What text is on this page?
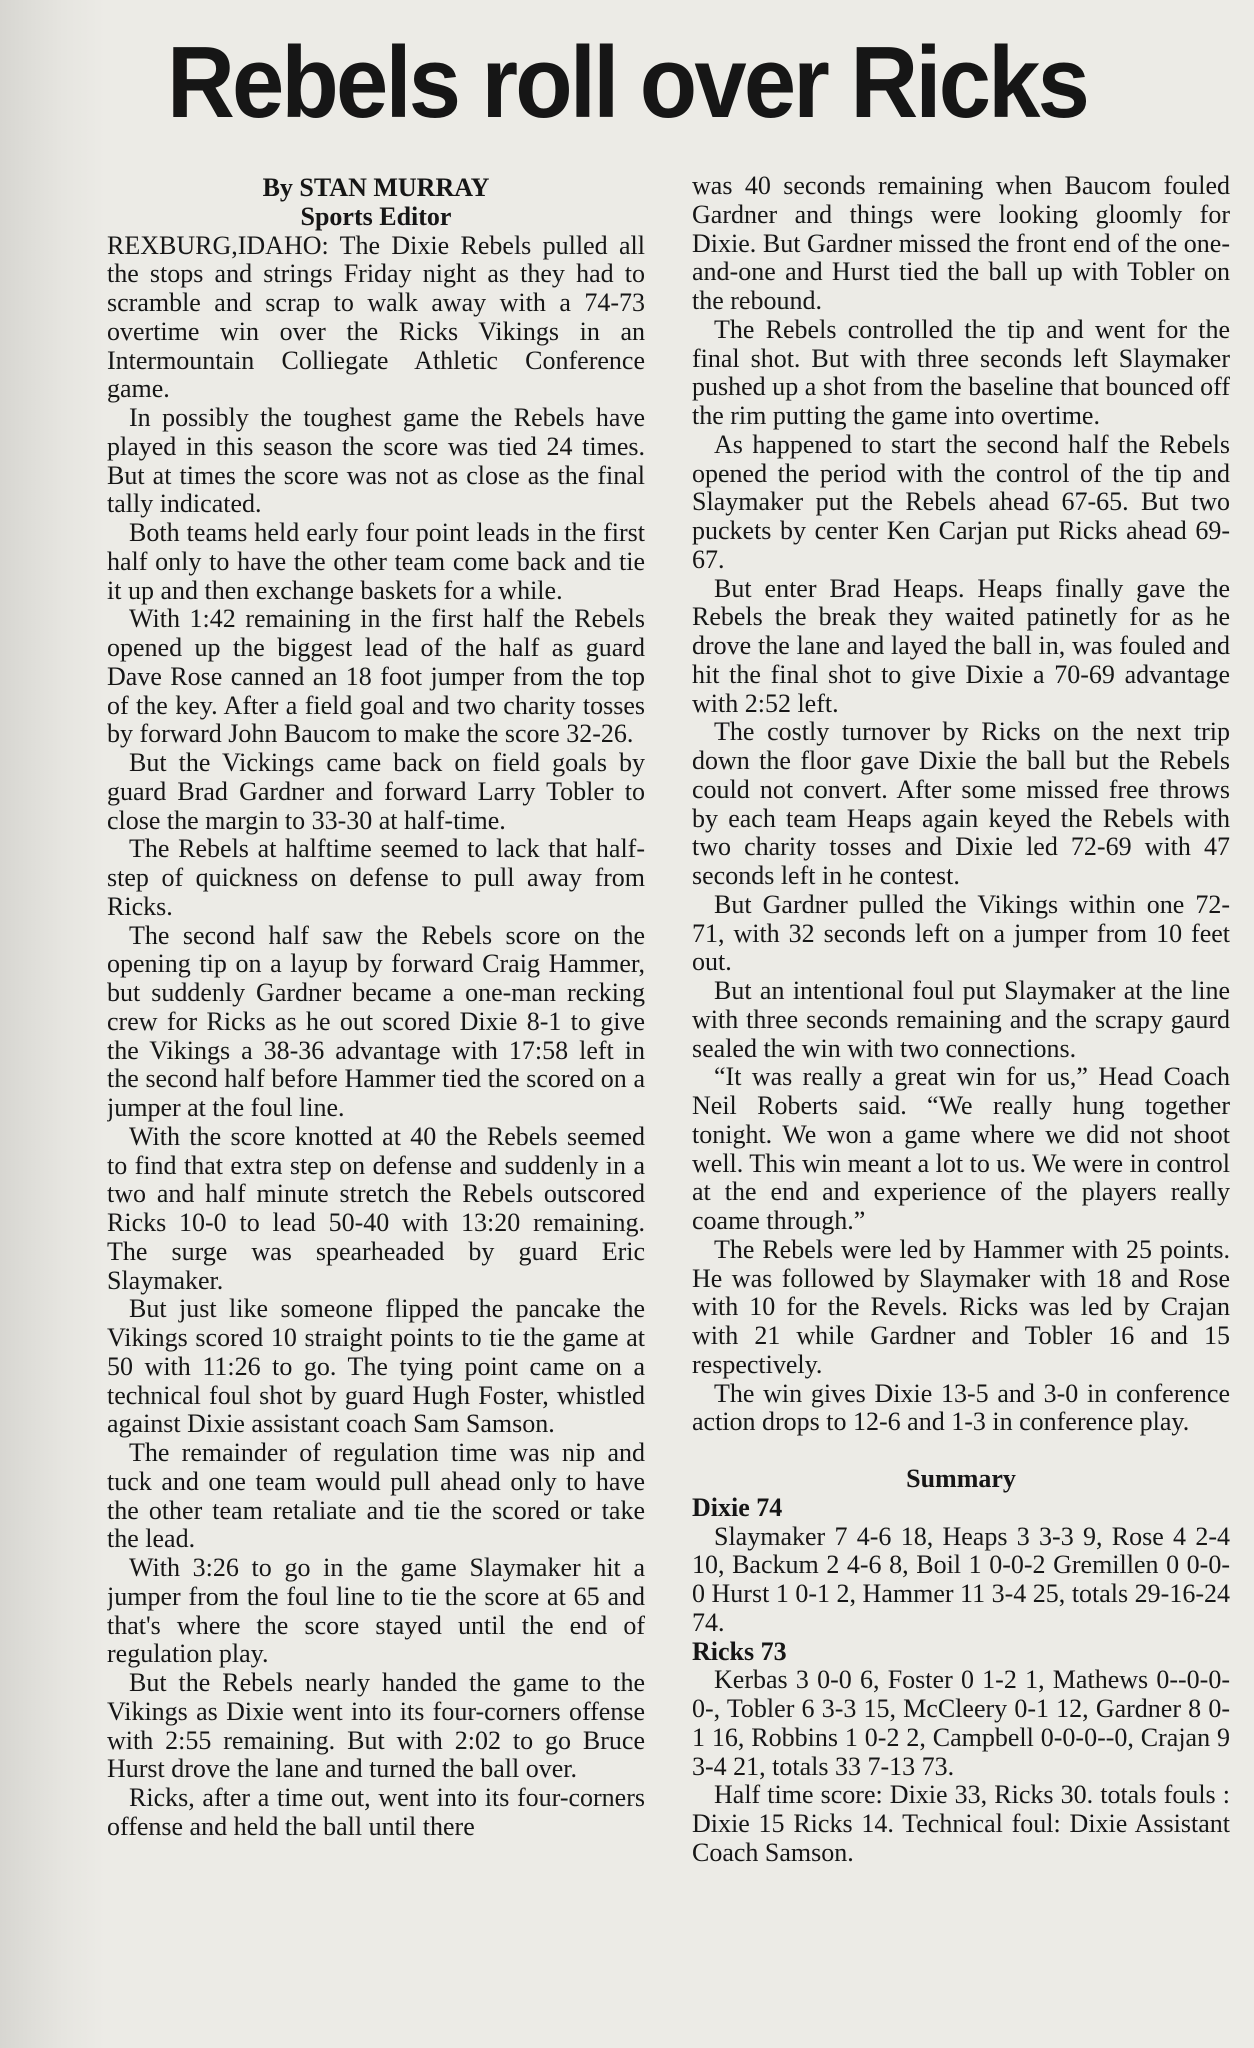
Rebels roll over Ricks

By STAN MURRAY

Sports Editor

REXBURG,IDAHO: The Dixie Rebels pulled all the stops and strings Friday night as they had to scramble and scrap to walk away with a 74-73 overtime win over the Ricks Vikings in an Intermountain Colliegate Athletic Conference game.

In possibly the toughest game the Rebels have played in this season the score was tied 24 times. But at times the score was not as close as the final tally indicated.

Both teams held early four point leads in the first half only to have the other team come back and tie it up and then exchange baskets for a while.

With 1:42 remaining in the first half the Rebels opened up the biggest lead of the half as guard Dave Rose canned an 18 foot jumper from the top of the key. After a field goal and two charity tosses by forward John Baucom to make the score 32-26.

But the Vickings came back on field goals by guard Brad Gardner and forward Larry Tobler to close the margin to 33-30 at half-time.

The Rebels at halftime seemed to lack that half-step of quickness on defense to pull away from Ricks.

The second half saw the Rebels score on the opening tip on a layup by forward Craig Hammer, but suddenly Gardner became a one-man recking crew for Ricks as he out scored Dixie 8-1 to give the Vikings a 38-36 advantage with 17:58 left in the second half before Hammer tied the scored on a jumper at the foul line.

With the score knotted at 40 the Rebels seemed to find that extra step on defense and suddenly in a two and half minute stretch the Rebels outscored Ricks 10-0 to lead 50-40 with 13:20 remaining. The surge was spearheaded by guard Eric Slaymaker.

But just like someone flipped the pancake the Vikings scored 10 straight points to tie the game at 50 with 11:26 to go. The tying point came on a technical foul shot by guard Hugh Foster, whistled against Dixie assistant coach Sam Samson.

The remainder of regulation time was nip and tuck and one team would pull ahead only to have the other team retaliate and tie the scored or take the lead.

With 3:26 to go in the game Slaymaker hit a jumper from the foul line to tie the score at 65 and that's where the score stayed until the end of regulation play.

But the Rebels nearly handed the game to the Vikings as Dixie went into its four-corners offense with 2:55 remaining. But with 2:02 to go Bruce Hurst drove the lane and turned the ball over.

Ricks, after a time out, went into its four-corners offense and held the ball until there

was 40 seconds remaining when Baucom fouled Gardner and things were looking gloomly for Dixie. But Gardner missed the front end of the one-and-one and Hurst tied the ball up with Tobler on the rebound.

The Rebels controlled the tip and went for the final shot. But with three seconds left Slaymaker pushed up a shot from the baseline that bounced off the rim putting the game into overtime.

As happened to start the second half the Rebels opened the period with the control of the tip and Slaymaker put the Rebels ahead 67-65. But two puckets by center Ken Carjan put Ricks ahead 69-67.

But enter Brad Heaps. Heaps finally gave the Rebels the break they waited patinetly for as he drove the lane and layed the ball in, was fouled and hit the final shot to give Dixie a 70-69 advantage with 2:52 left.

The costly turnover by Ricks on the next trip down the floor gave Dixie the ball but the Rebels could not convert. After some missed free throws by each team Heaps again keyed the Rebels with two charity tosses and Dixie led 72-69 with 47 seconds left in he contest.

But Gardner pulled the Vikings within one 72-71, with 32 seconds left on a jumper from 10 feet out.

But an intentional foul put Slaymaker at the line with three seconds remaining and the scrapy gaurd sealed the win with two connections.

“It was really a great win for us,” Head Coach Neil Roberts said. “We really hung together tonight. We won a game where we did not shoot well. This win meant a lot to us. We were in control at the end and experience of the players really coame through.”

The Rebels were led by Hammer with 25 points. He was followed by Slaymaker with 18 and Rose with 10 for the Revels. Ricks was led by Crajan with 21 while Gardner and Tobler 16 and 15 respectively.

The win gives Dixie 13-5 and 3-0 in conference action drops to 12-6 and 1-3 in conference play.

Summary

Dixie 74

Slaymaker 7 4-6 18, Heaps 3 3-3 9, Rose 4 2-4 10, Backum 2 4-6 8, Boil 1 0-0-2 Gremillen 0 0-0-0 Hurst 1 0-1 2, Hammer 11 3-4 25, totals 29-16-24 74.

Ricks 73

Kerbas 3 0-0 6, Foster 0 1-2 1, Mathews 0--0-0-0-, Tobler 6 3-3 15, McCleery 0-1 12, Gardner 8 0-1 16, Robbins 1 0-2 2, Campbell 0-0-0--0, Crajan 9 3-4 21, totals 33 7-13 73.

Half time score: Dixie 33, Ricks 30. totals fouls : Dixie 15 Ricks 14. Technical foul: Dixie Assistant Coach Samson.
